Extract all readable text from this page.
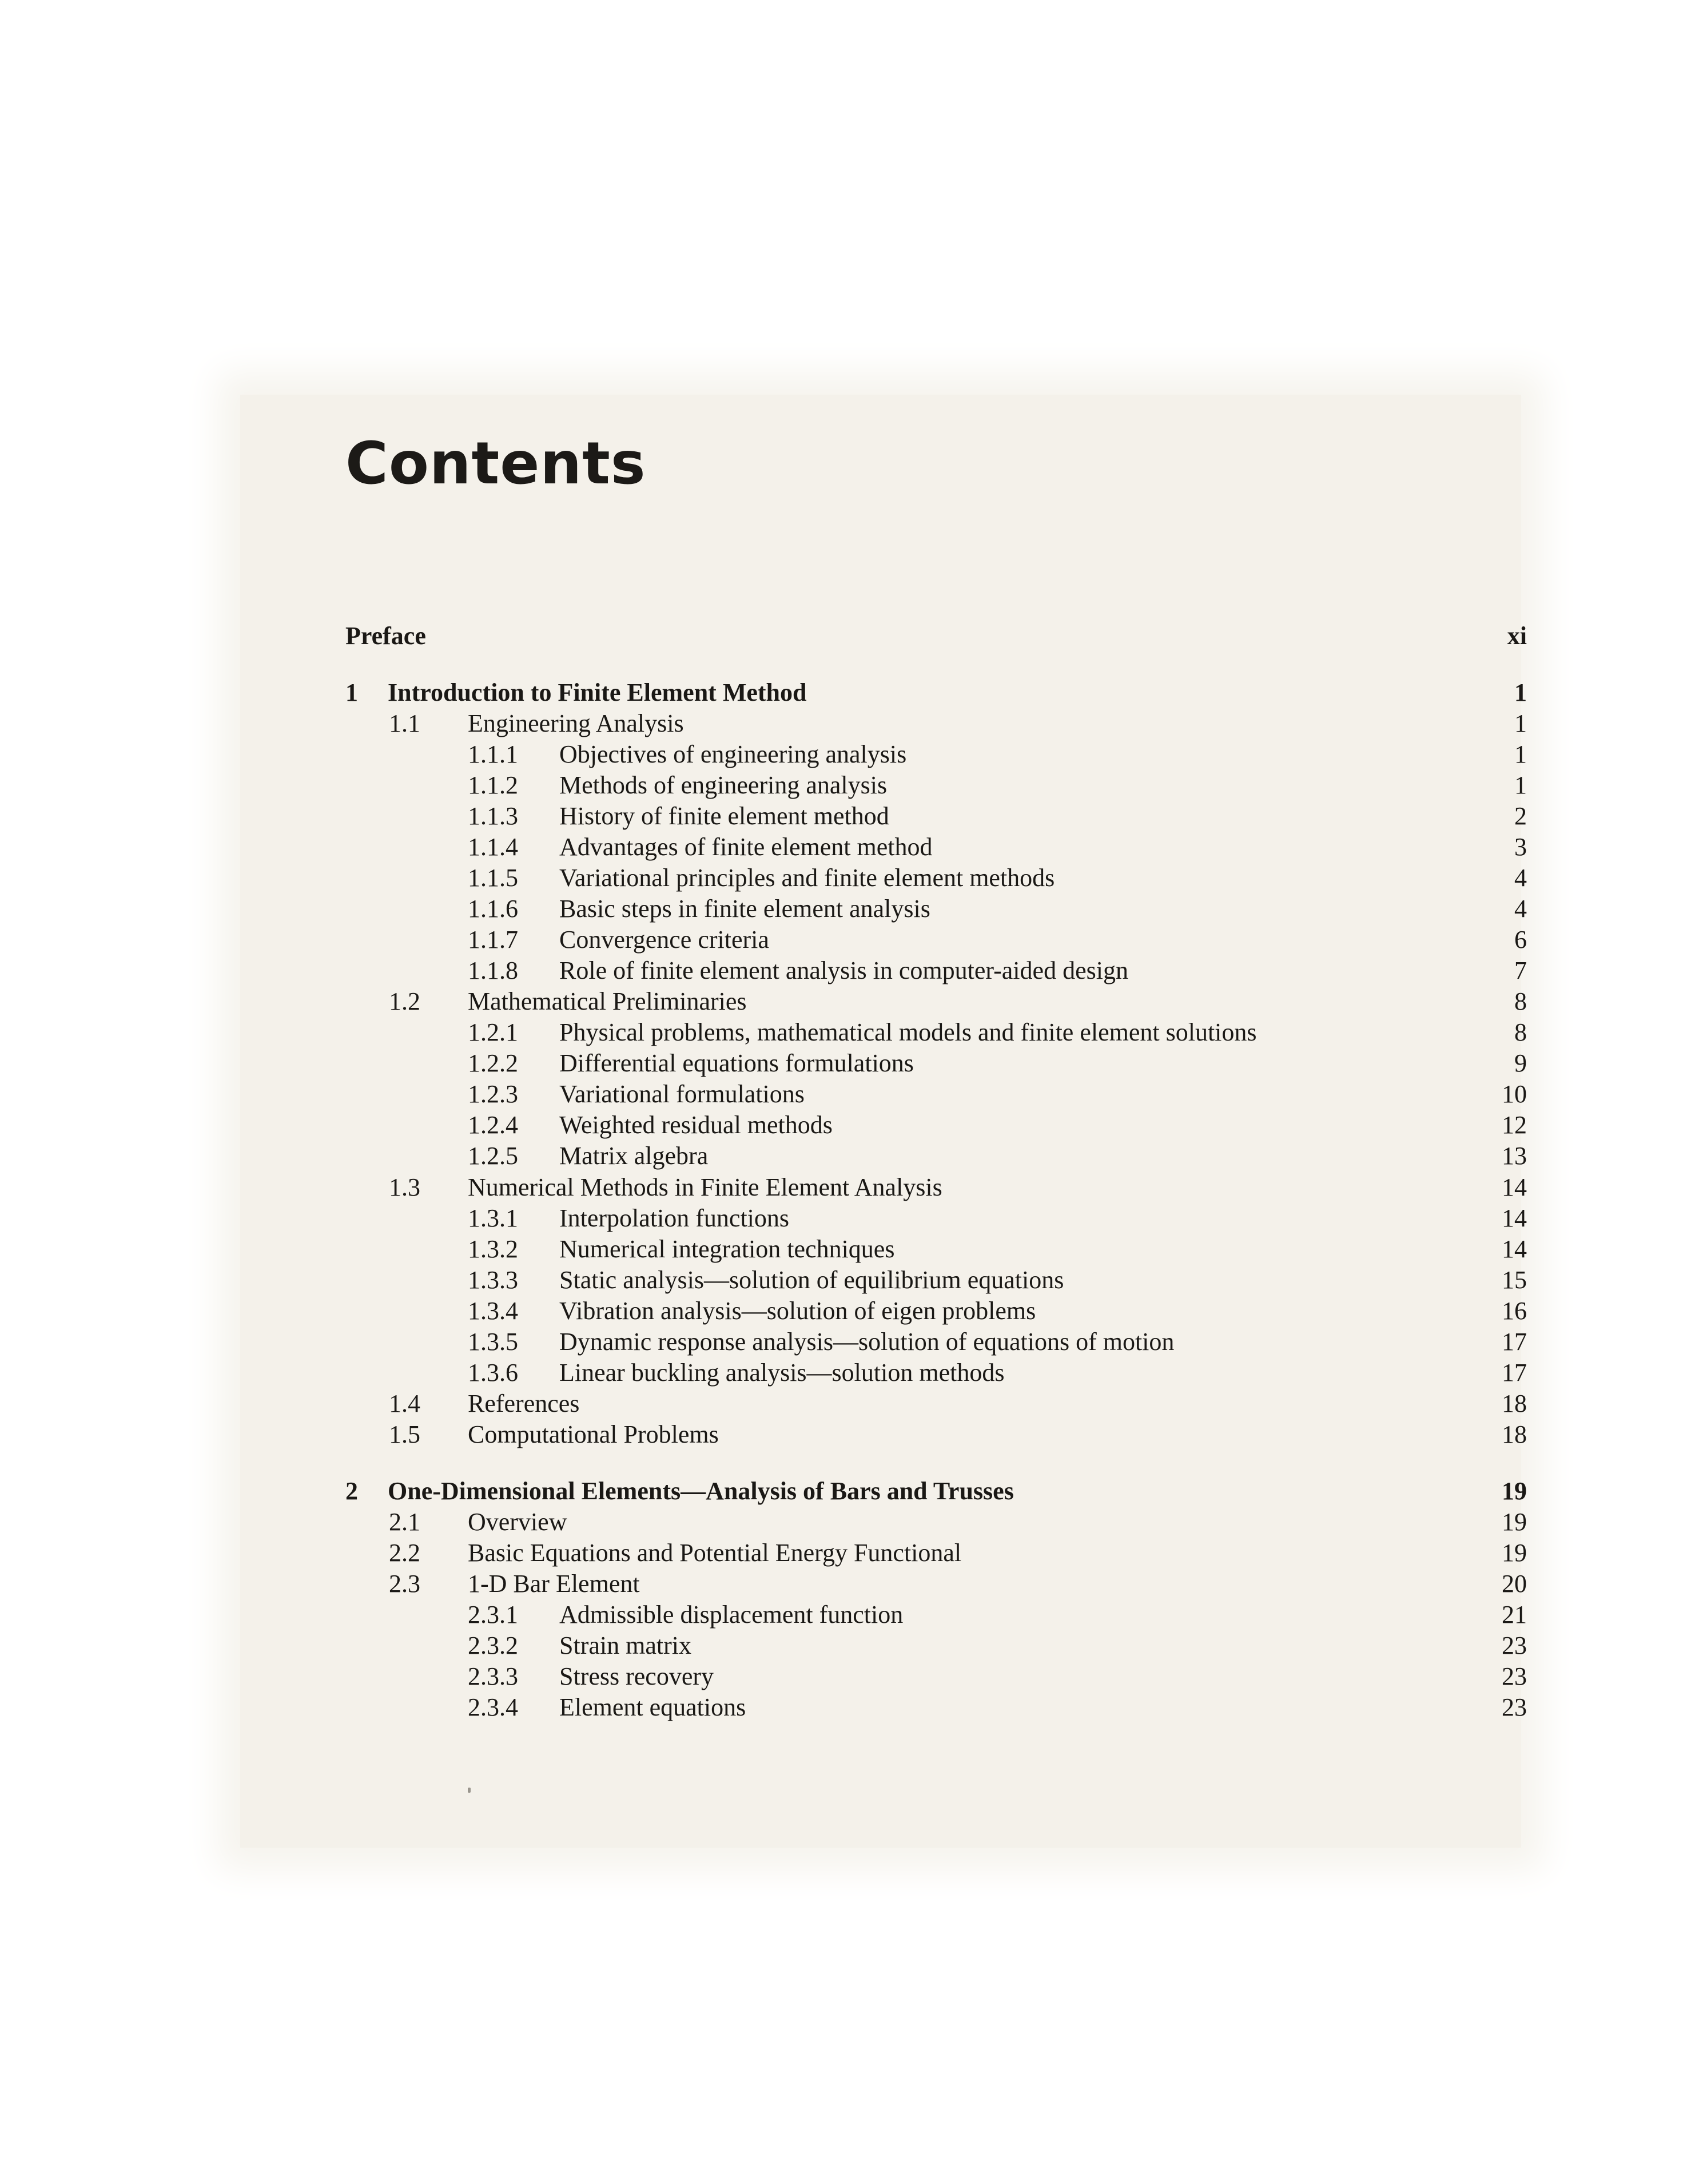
Contents
Preface	xi
1 Introduction to Finite Element Method	1
1.1 Engineering Analysis	1
1.1.1 Objectives of engineering analysis	1
1.1.2 Methods of engineering analysis	1
1.1.3 History of finite element method	2
1.1.4 Advantages of finite element method	3
1.1.5 Variational principles and finite element methods	4
1.1.6 Basic steps in finite element analysis	4
1.1.7 Convergence criteria	6
1.1.8 Role of finite element analysis in computer-aided design	7
1.2 Mathematical Preliminaries	8
1.2.1 Physical problems, mathematical models and finite element solutions	8
1.2.2 Differential equations formulations	9
1.2.3 Variational formulations	10
1.2.4 Weighted residual methods	12
1.2.5 Matrix algebra	13
1.3 Numerical Methods in Finite Element Analysis	14
1.3.1 Interpolation functions	14
1.3.2 Numerical integration techniques	14
1.3.3 Static analysis—solution of equilibrium equations	15
1.3.4 Vibration analysis—solution of eigen problems	16
1.3.5 Dynamic response analysis—solution of equations of motion	17
1.3.6 Linear buckling analysis—solution methods	17
1.4 References	18
1.5 Computational Problems	18
2 One-Dimensional Elements—Analysis of Bars and Trusses	19
2.1 Overview	19
2.2 Basic Equations and Potential Energy Functional	19
2.3 1-D Bar Element	20
2.3.1 Admissible displacement function	21
2.3.2 Strain matrix	23
2.3.3 Stress recovery	23
2.3.4 Element equations	23
